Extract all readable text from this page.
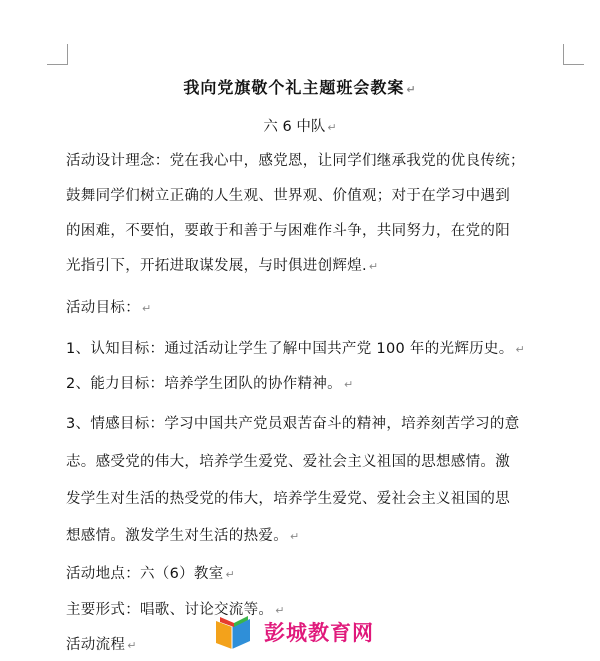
我向党旗敬个礼主题班会教案 ↵
六 6 中队 ↵
活动设计理念：党在我心中，感党恩，让同学们继承我党的优良传统；
鼓舞同学们树立正确的人生观、世界观、价值观；对于在学习中遇到
的困难，不要怕，要敢于和善于与困难作斗争，共同努力，在党的阳
光指引下，开拓进取谋发展，与时俱进创辉煌. ↵
活动目标： ↵
1、认知目标：通过活动让学生了解中国共产党 100 年的光辉历史。 ↵
2、能力目标：培养学生团队的协作精神。 ↵
3、情感目标：学习中国共产党员艰苦奋斗的精神，培养刻苦学习的意
志。感受党的伟大，培养学生爱党、爱社会主义祖国的思想感情。激
发学生对生活的热受党的伟大，培养学生爱党、爱社会主义祖国的思
想感情。激发学生对生活的热爱。 ↵
活动地点：六（6）教室 ↵
主要形式：唱歌、讨论交流等。 ↵
活动流程 ↵
彭城教育网
